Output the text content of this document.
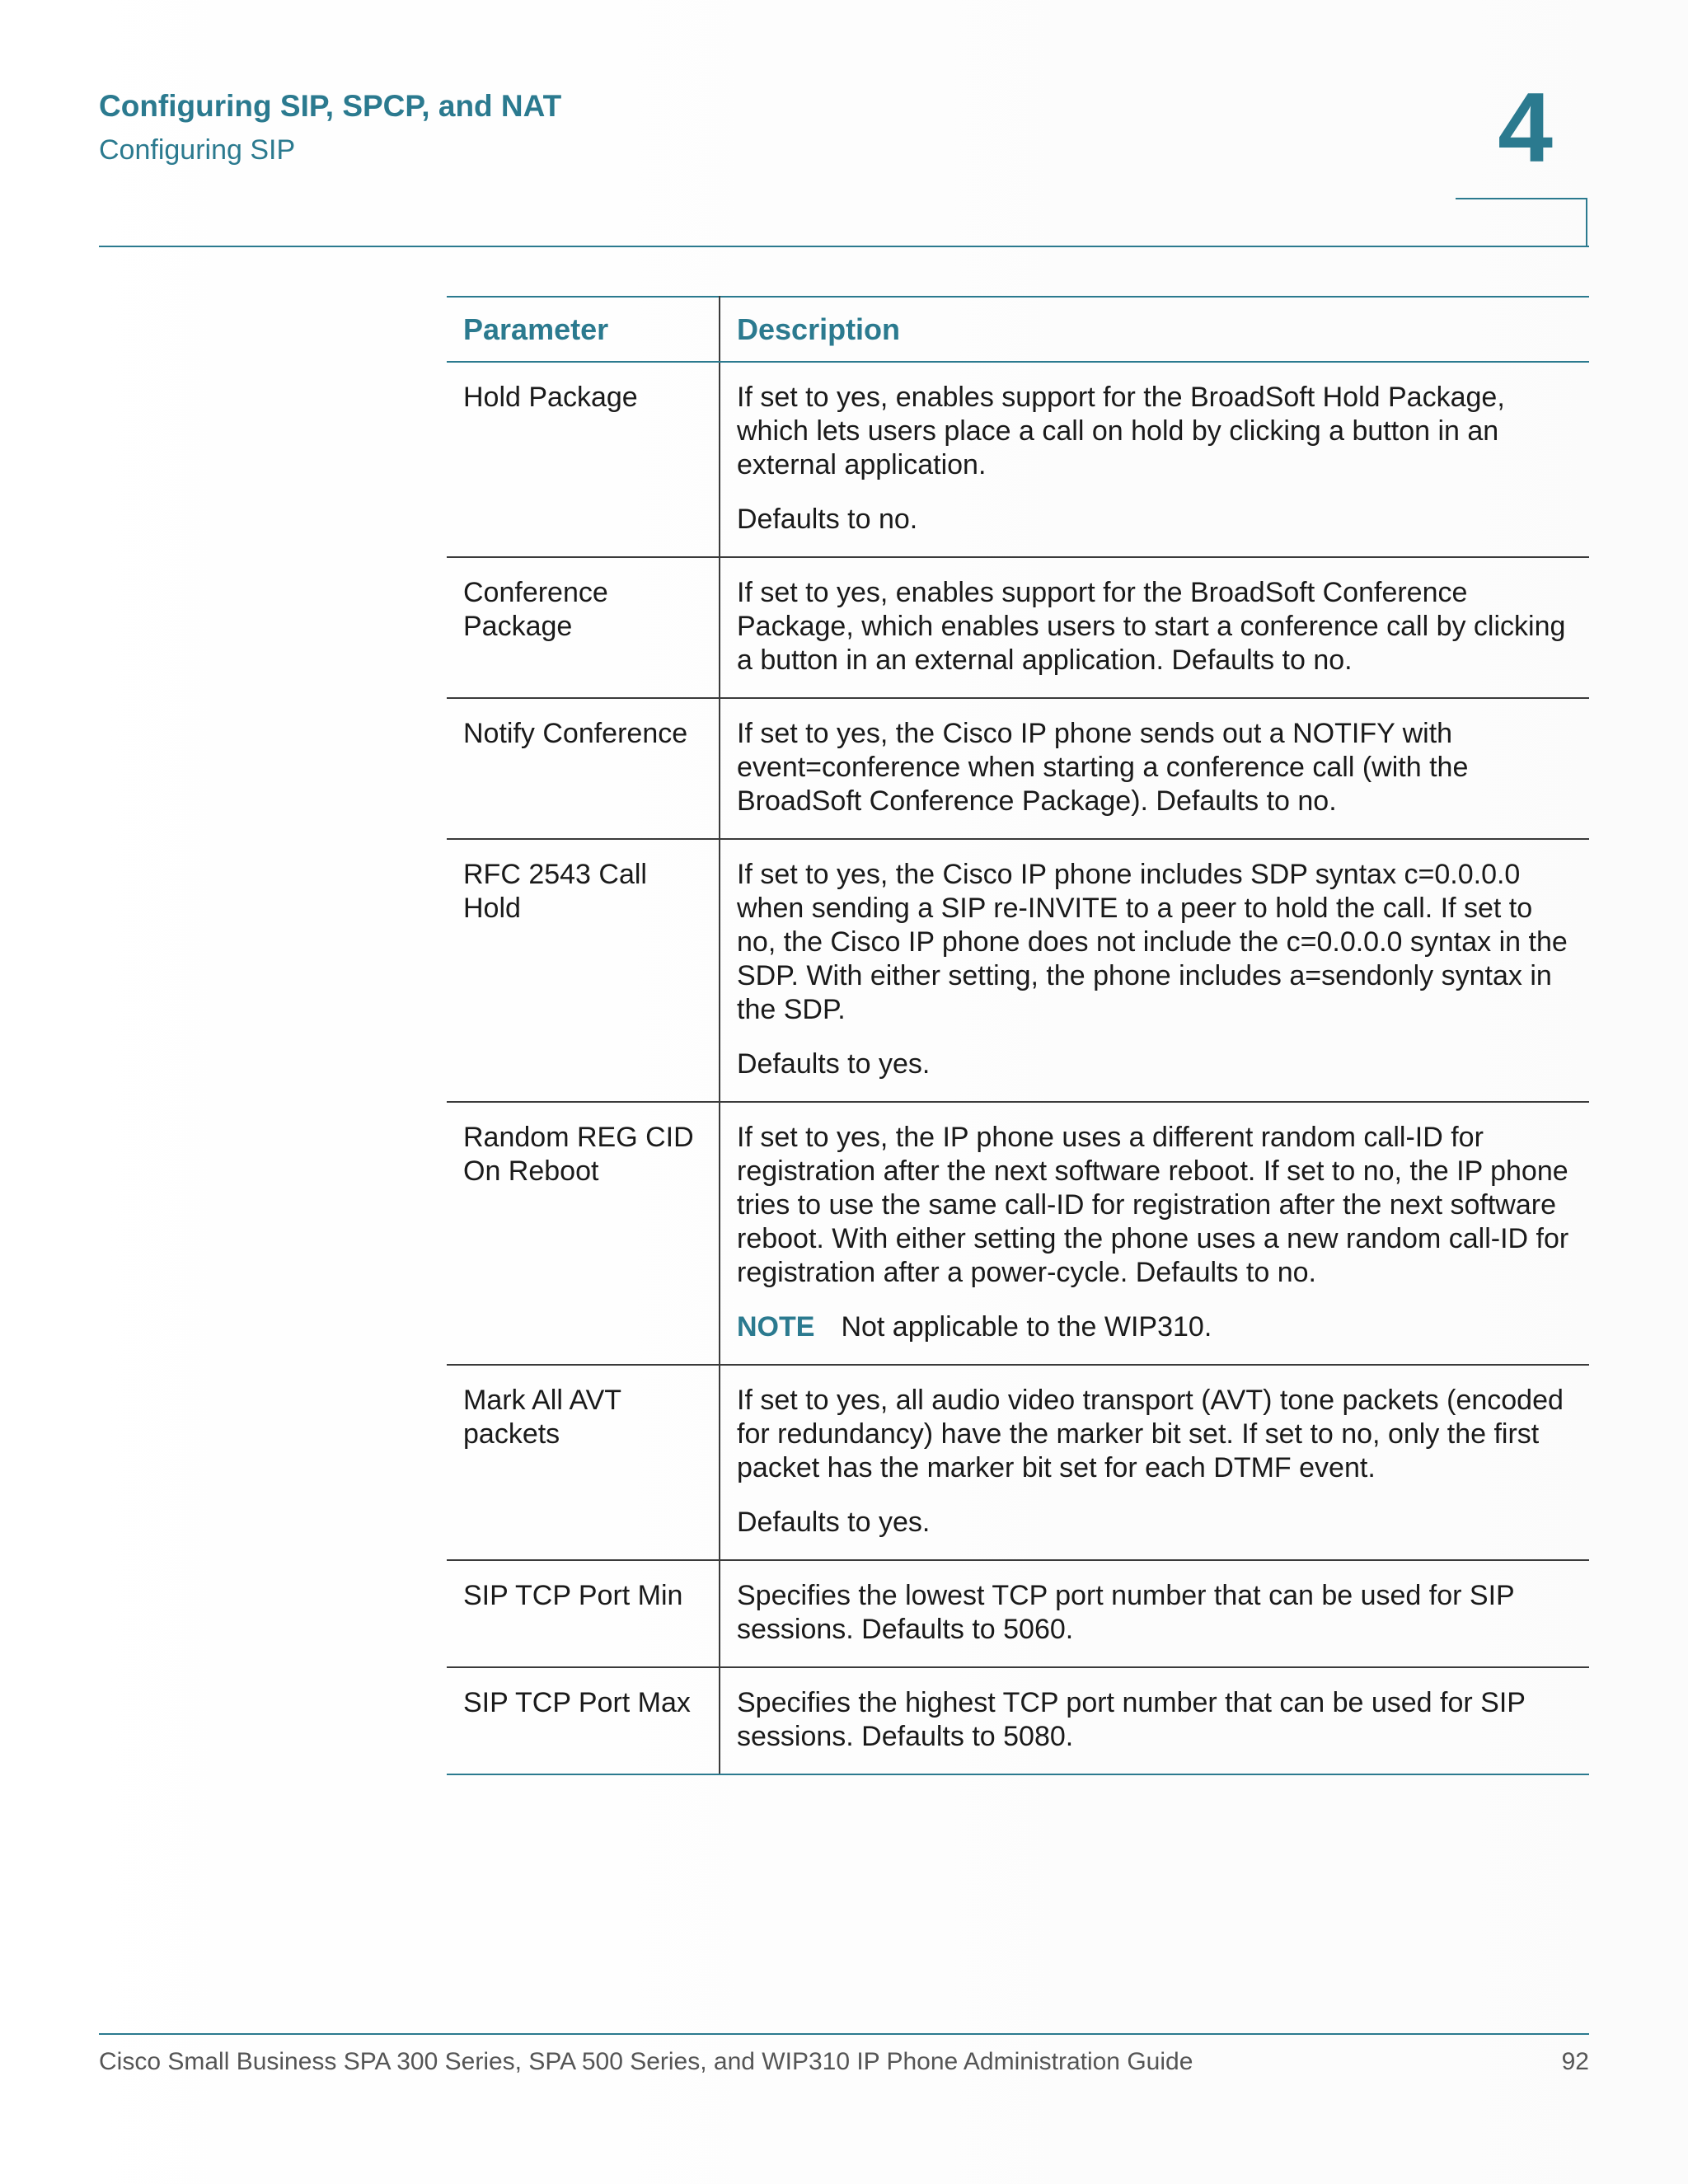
Configuring SIP, SPCP, and NAT
Configuring SIP	4
Parameter	Description
Hold Package	If set to yes, enables support for the BroadSoft Hold Package, which lets users place a call on hold by clicking a button in an external application.

Defaults to no.

Conference Package	If set to yes, enables support for the BroadSoft Conference Package, which enables users to start a conference call by clicking a button in an external application. Defaults to no.

Notify Conference	If set to yes, the Cisco IP phone sends out a NOTIFY with event=conference when starting a conference call (with the BroadSoft Conference Package). Defaults to no.

RFC 2543 Call Hold	If set to yes, the Cisco IP phone includes SDP syntax c=0.0.0.0 when sending a SIP re-INVITE to a peer to hold the call. If set to no, the Cisco IP phone does not include the c=0.0.0.0 syntax in the SDP. With either setting, the phone includes a=sendonly syntax in the SDP.

Defaults to yes.

Random REG CID On Reboot	If set to yes, the IP phone uses a different random call-ID for registration after the next software reboot. If set to no, the IP phone tries to use the same call-ID for registration after the next software reboot. With either setting the phone uses a new random call-ID for registration after a power-cycle. Defaults to no.

NOTE Not applicable to the WIP310.

Mark All AVT packets	If set to yes, all audio video transport (AVT) tone packets (encoded for redundancy) have the marker bit set. If set to no, only the first packet has the marker bit set for each DTMF event.

Defaults to yes.

SIP TCP Port Min	Specifies the lowest TCP port number that can be used for SIP sessions. Defaults to 5060.

SIP TCP Port Max	Specifies the highest TCP port number that can be used for SIP sessions. Defaults to 5080.

Cisco Small Business SPA 300 Series, SPA 500 Series, and WIP310 IP Phone Administration Guide	92
